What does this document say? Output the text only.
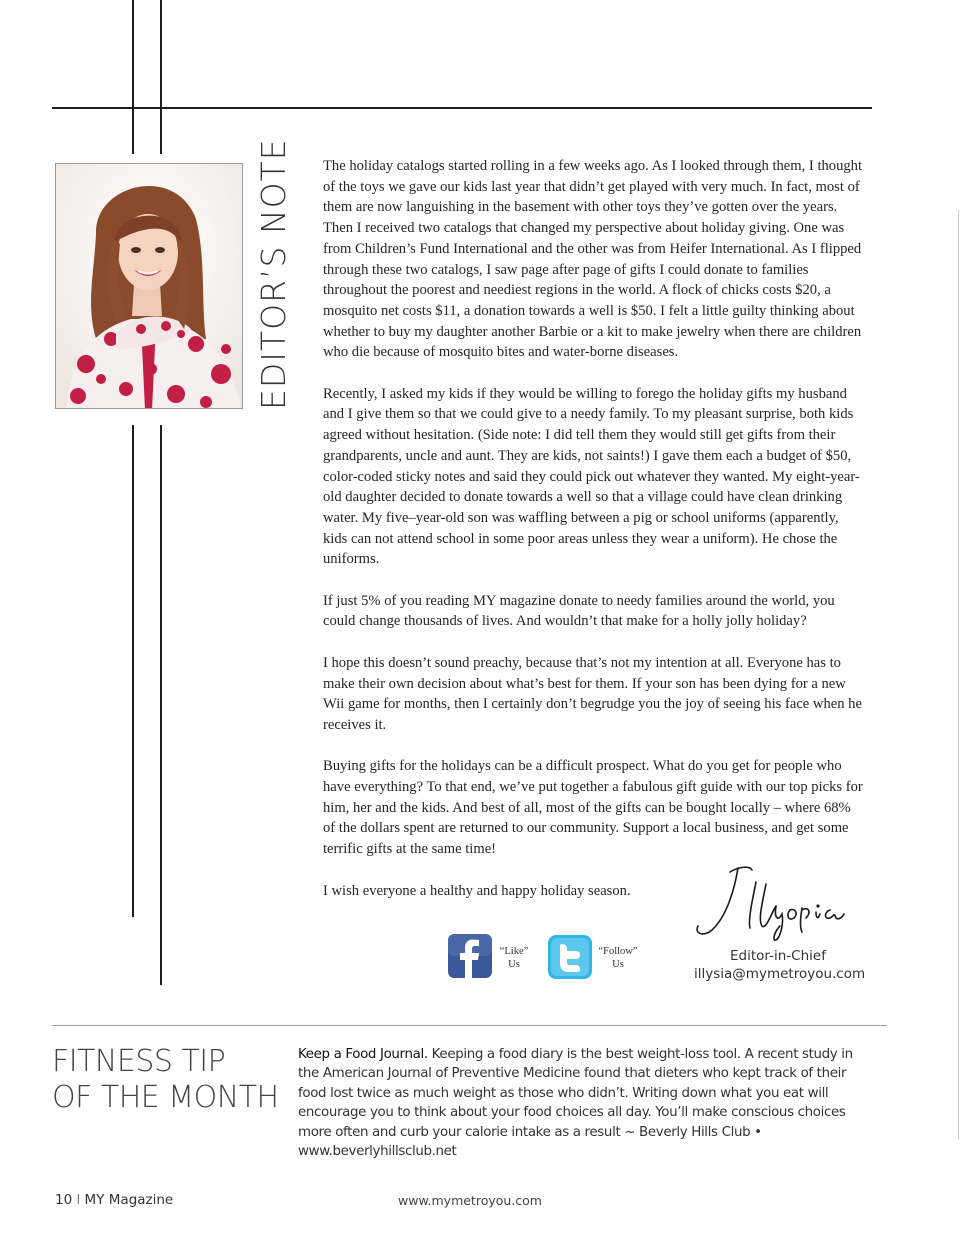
EDITOR’S NOTE The holiday catalogs started rolling in a few weeks ago. As I looked through them, I thought of the toys we gave our kids last year that didn’t get played with very much. In fact, most of them are now languishing in the basement with other toys they’ve gotten over the years. Then I received two catalogs that changed my perspective about holiday giving. One was from Children’s Fund International and the other was from Heifer International. As I flipped through these two catalogs, I saw page after page of gifts I could donate to families throughout the poorest and neediest regions in the world. A flock of chicks costs $20, a mosquito net costs $11, a donation towards a well is $50. I felt a little guilty thinking about whether to buy my daughter another Barbie or a kit to make jewelry when there are children who die because of mosquito bites and water-borne diseases.

Recently, I asked my kids if they would be willing to forego the holiday gifts my husband and I give them so that we could give to a needy family. To my pleasant surprise, both kids agreed without hesitation. (Side note: I did tell them they would still get gifts from their grandparents, uncle and aunt. They are kids, not saints!) I gave them each a budget of $50, color-coded sticky notes and said they could pick out whatever they wanted. My eight-year-old daughter decided to donate towards a well so that a village could have clean drinking water. My five–year-old son was waffling between a pig or school uniforms (apparently, kids can not attend school in some poor areas unless they wear a uniform). He chose the uniforms.

If just 5% of you reading MY magazine donate to needy families around the world, you could change thousands of lives. And wouldn’t that make for a holly jolly holiday?

I hope this doesn’t sound preachy, because that’s not my intention at all. Everyone has to make their own decision about what’s best for them. If your son has been dying for a new Wii game for months, then I certainly don’t begrudge you the joy of seeing his face when he receives it.

Buying gifts for the holidays can be a difficult prospect. What do you get for people who have everything? To that end, we’ve put together a fabulous gift guide with our top picks for him, her and the kids. And best of all, most of the gifts can be bought locally – where 68% of the dollars spent are returned to our community. Support a local business, and get some terrific gifts at the same time!

I wish everyone a healthy and happy holiday season.

Editor-in-Chief
illysia@mymetroyou.com
“Like”
Us
“Follow”
Us
FITNESS TIP
OF THE MONTH
Keep a Food Journal. Keeping a food diary is the best weight-loss tool. A recent study in the American Journal of Preventive Medicine found that dieters who kept track of their food lost twice as much weight as those who didn’t. Writing down what you eat will encourage you to think about your food choices all day. You’ll make conscious choices more often and curb your calorie intake as a result ~ Beverly Hills Club • www.beverlyhillsclub.net
10 l MY Magazine	www.mymetroyou.com
